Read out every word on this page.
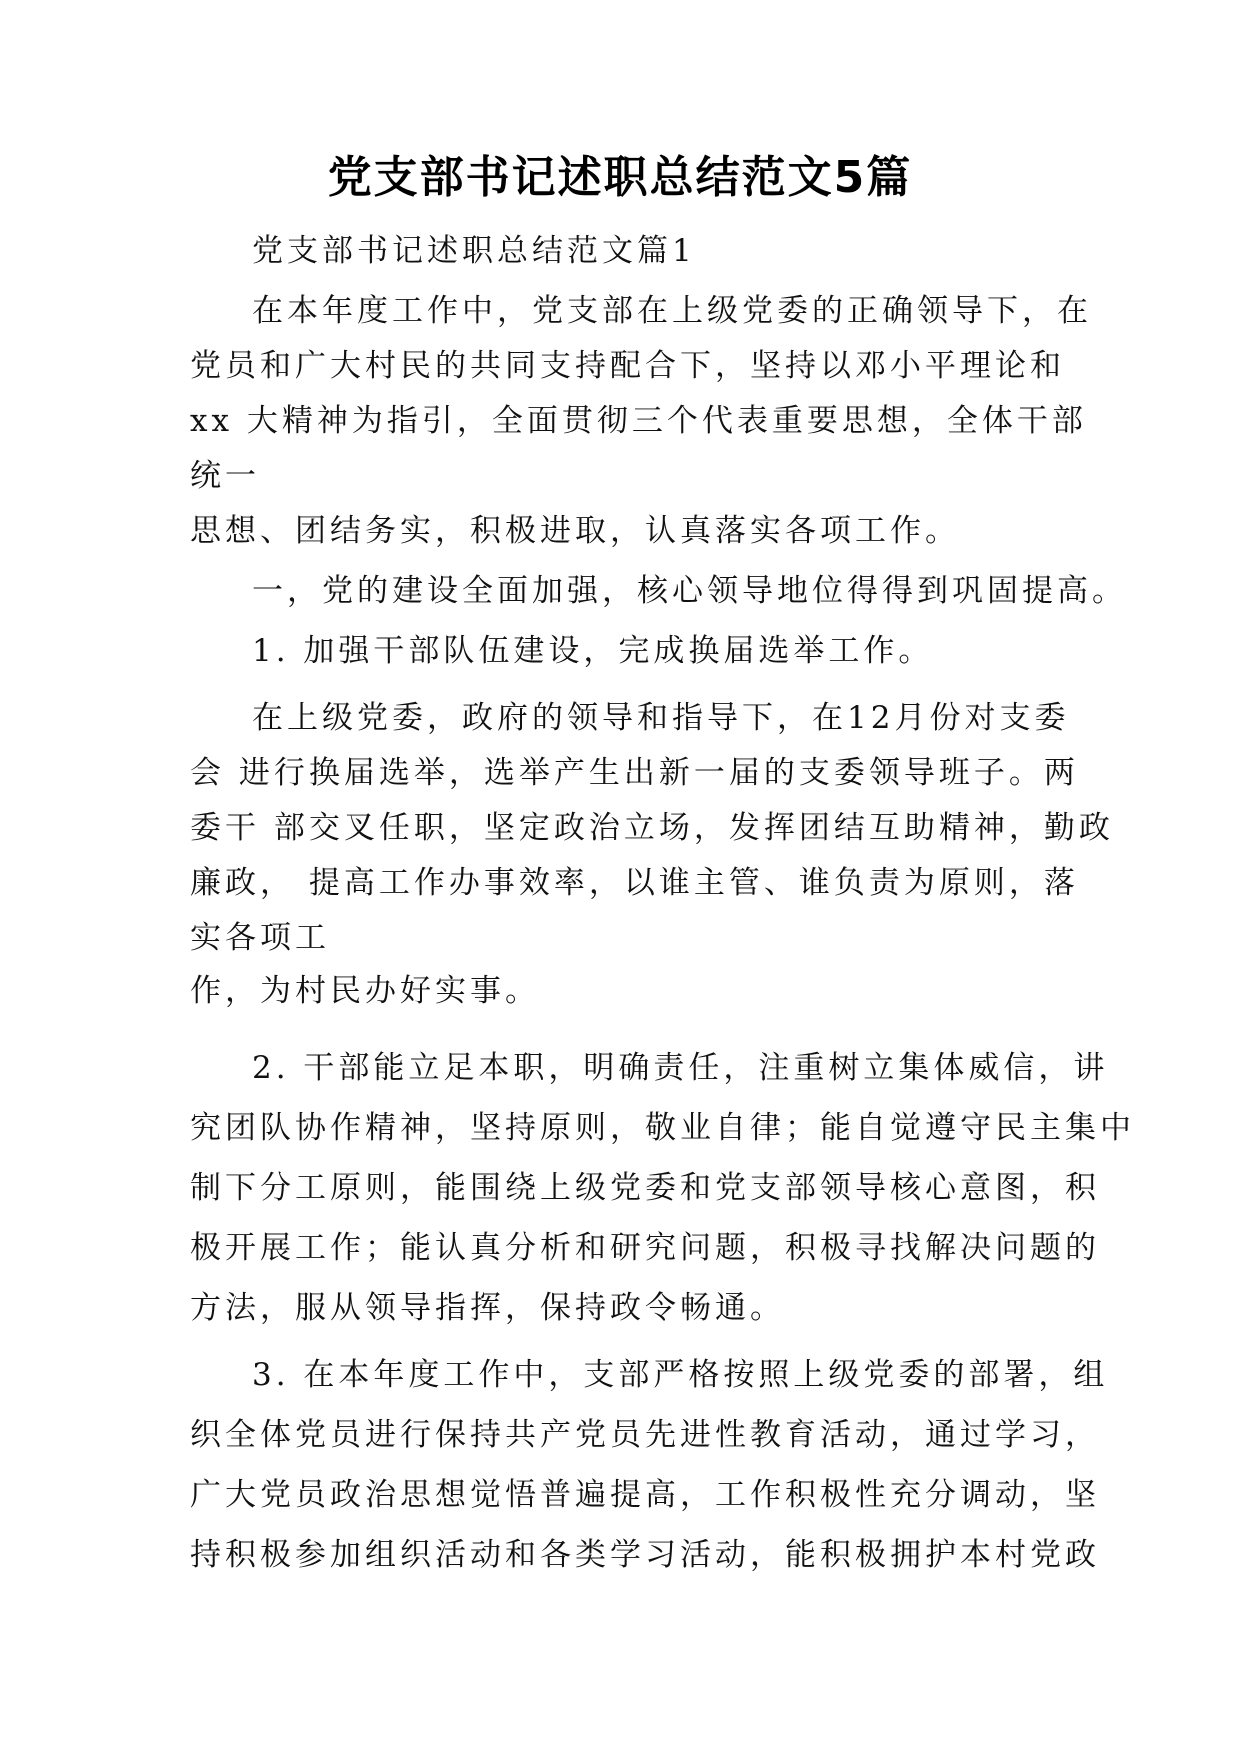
党支部书记述职总结范文5篇

党支部书记述职总结范文篇1

在本年度工作中，党支部在上级党委的正确领导下，在

党员和广大村民的共同支持配合下，坚持以邓小平理论和

xx 大精神为指引，全面贯彻三个代表重要思想，全体干部

统一

思想、团结务实，积极进取，认真落实各项工作。

一，党的建设全面加强，核心领导地位得得到巩固提高。

1. 加强干部队伍建设，完成换届选举工作。

在上级党委，政府的领导和指导下，在12月份对支委

会 进行换届选举，选举产生出新一届的支委领导班子。两

委干 部交叉任职，坚定政治立场，发挥团结互助精神，勤政

廉政， 提高工作办事效率，以谁主管、谁负责为原则，落

实各项工

作，为村民办好实事。

2. 干部能立足本职，明确责任，注重树立集体威信，讲

究团队协作精神，坚持原则，敬业自律；能自觉遵守民主集中

制下分工原则，能围绕上级党委和党支部领导核心意图，积

极开展工作；能认真分析和研究问题，积极寻找解决问题的

方法，服从领导指挥，保持政令畅通。

3. 在本年度工作中，支部严格按照上级党委的部署，组

织全体党员进行保持共产党员先进性教育活动，通过学习，

广大党员政治思想觉悟普遍提高，工作积极性充分调动，坚

持积极参加组织活动和各类学习活动，能积极拥护本村党政
